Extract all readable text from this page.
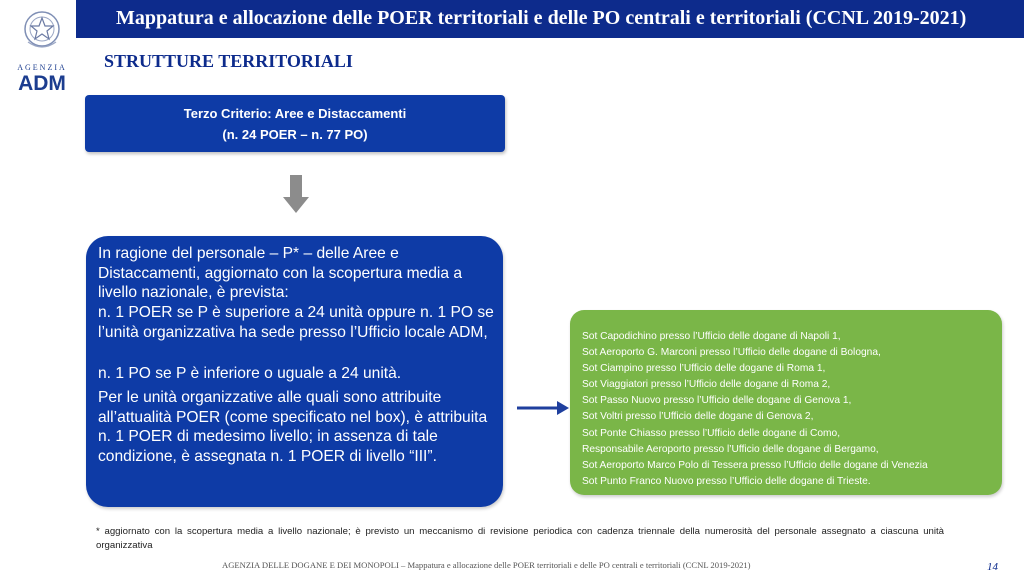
Mappatura e allocazione delle POER territoriali e delle PO centrali e territoriali (CCNL 2019-2021)
AGENZIA
ADM
STRUTTURE TERRITORIALI
Terzo Criterio: Aree e Distaccamenti
(n. 24 POER – n. 77 PO)

In ragione del personale – P* – delle Aree e Distaccamenti, aggiornato con la scopertura media a livello nazionale, è prevista:

n. 1 POER se P è superiore a 24 unità oppure n. 1 PO se l’unità organizzativa ha sede presso l’Ufficio locale ADM,

n. 1 PO se P è inferiore o uguale a 24 unità.

Per le unità organizzative alle quali sono attribuite all’attualità POER (come specificato nel box), è attribuita n. 1 POER di medesimo livello; in assenza di tale condizione, è assegnata n. 1 POER di livello “III”.

Sot Capodichino presso l’Ufficio delle dogane di Napoli 1,
Sot Aeroporto G. Marconi presso l’Ufficio delle dogane di Bologna,
Sot Ciampino presso l’Ufficio delle dogane di Roma 1,
Sot Viaggiatori presso l’Ufficio delle dogane di Roma 2,
Sot Passo Nuovo presso l’Ufficio delle dogane di Genova 1,
Sot Voltri presso l’Ufficio delle dogane di Genova 2,
Sot Ponte Chiasso presso l’Ufficio delle dogane di Como,
Responsabile Aeroporto presso l’Ufficio delle dogane di Bergamo,
Sot Aeroporto Marco Polo di Tessera presso l’Ufficio delle dogane di Venezia
Sot Punto Franco Nuovo presso l’Ufficio delle dogane di Trieste.
* aggiornato con la scopertura media a livello nazionale; è previsto un meccanismo di revisione periodica con cadenza triennale della numerosità del personale assegnato a ciascuna unità organizzativa
AGENZIA DELLE DOGANE E DEI MONOPOLI – Mappatura e allocazione delle POER territoriali e delle PO centrali e territoriali (CCNL 2019-2021)	14
